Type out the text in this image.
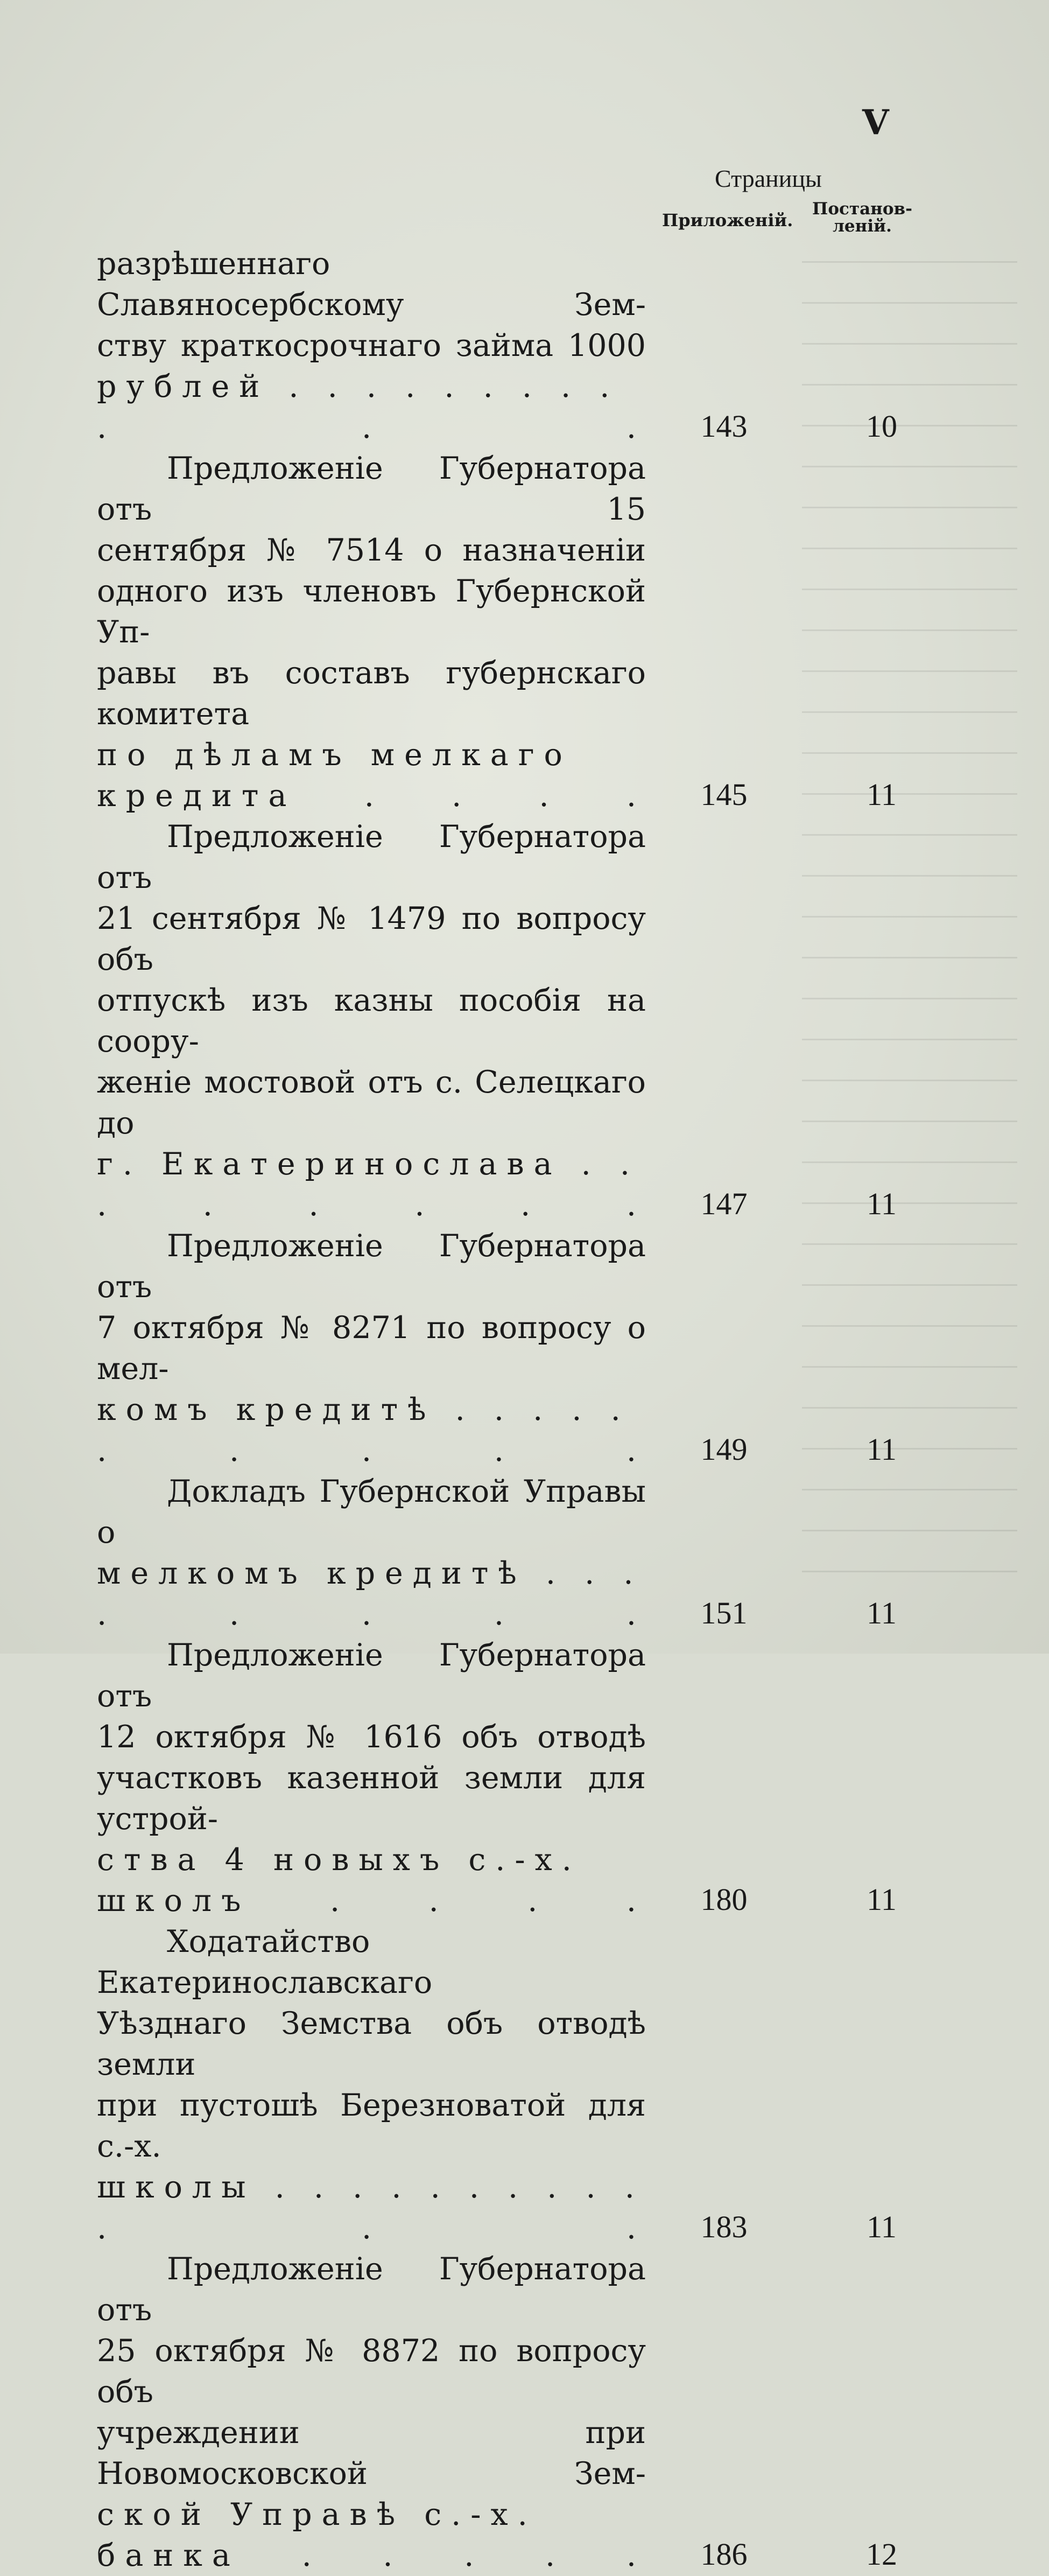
V
Страницы
Приложеній.
Постанов-
леній.
разрѣшеннаго Славяносербскому Зем-
ству краткосрочнаго займа 1000
рублей . . . . . . . . . . . .	143	10
Предложеніе Губернатора отъ 15
сентября № 7514 о назначеніи
одного изъ членовъ Губернской Уп-
равы въ составъ губернскаго комитета
по дѣламъ мелкаго кредита . . . .	145	11
Предложеніе Губернатора отъ
21 сентября № 1479 по вопросу объ
отпускѣ изъ казны пособія на соору-
женіе мостовой отъ с. Селецкаго до
г. Екатеринослава . . . . . . . .	147	11
Предложеніе Губернатора отъ
7 октября № 8271 по вопросу о мел-
комъ кредитѣ . . . . . . . . . .	149	11
Докладъ Губернской Управы о
мелкомъ кредитѣ . . . . . . . .	151	11
Предложеніе Губернатора отъ
12 октября № 1616 объ отводѣ
участковъ казенной земли для устрой-
ства 4 новыхъ с.-х. школъ . . . .	180	11
Ходатайство Екатеринославскаго
Уѣзднаго Земства объ отводѣ земли
при пустошѣ Березноватой для с.-х.
школы . . . . . . . . . . . . .	183	11
Предложеніе Губернатора отъ
25 октября № 8872 по вопросу объ
учреждении при Новомосковской Зем-
ской Управѣ с.-х. банка . . . . .	186	12
